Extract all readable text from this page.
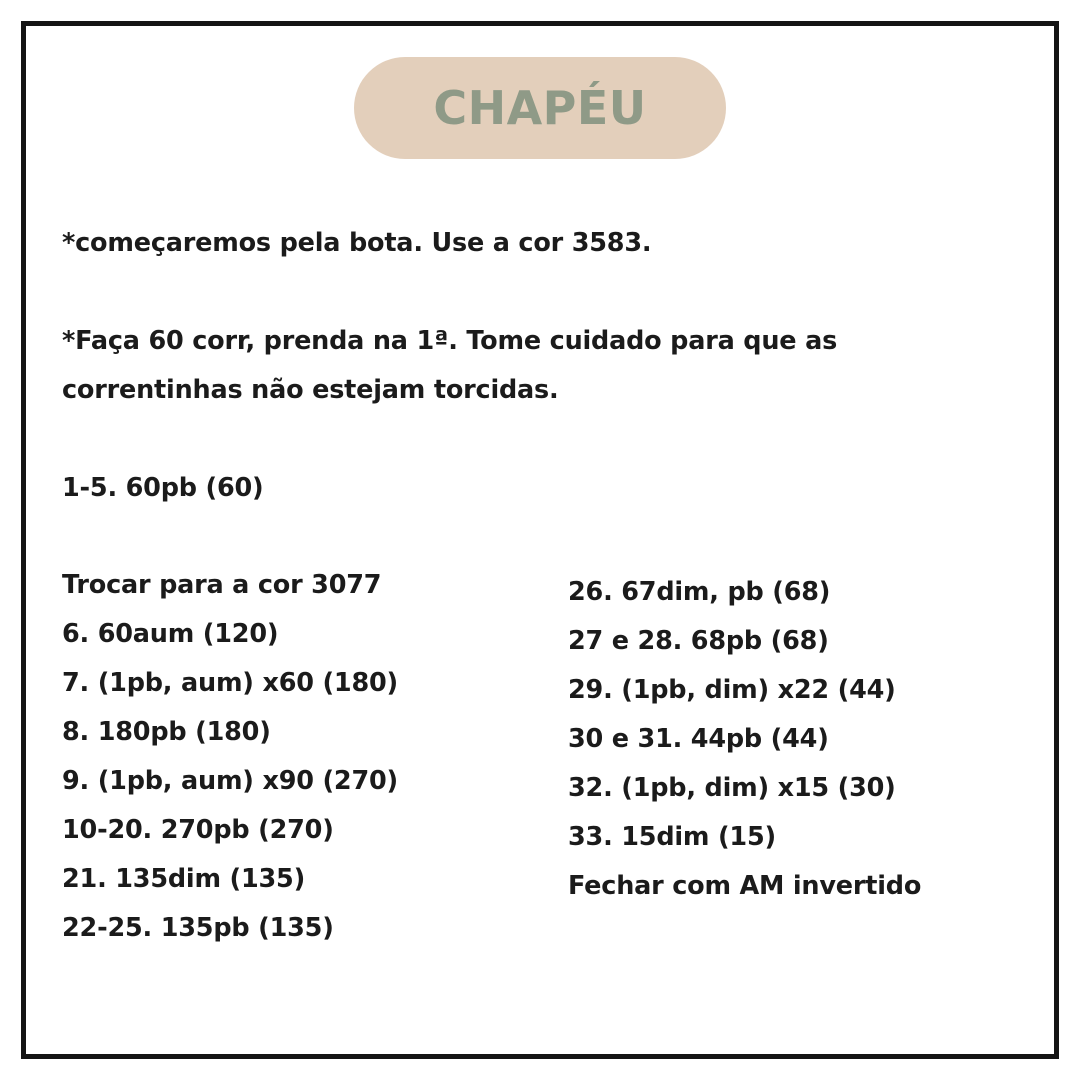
CHAPÉU
*começaremos pela bota. Use a cor 3583.
*Faça 60 corr, prenda na 1ª. Tome cuidado para que as
correntinhas não estejam torcidas.
1-5. 60pb (60)
Trocar para a cor 3077
6. 60aum (120)
7. (1pb, aum) x60 (180)
8. 180pb (180)
9. (1pb, aum) x90 (270)
10-20. 270pb (270)
21. 135dim (135)
22-25. 135pb (135)
26. 67dim, pb (68)
27 e 28. 68pb (68)
29. (1pb, dim) x22 (44)
30 e 31. 44pb (44)
32. (1pb, dim) x15 (30)
33. 15dim (15)
Fechar com AM invertido
